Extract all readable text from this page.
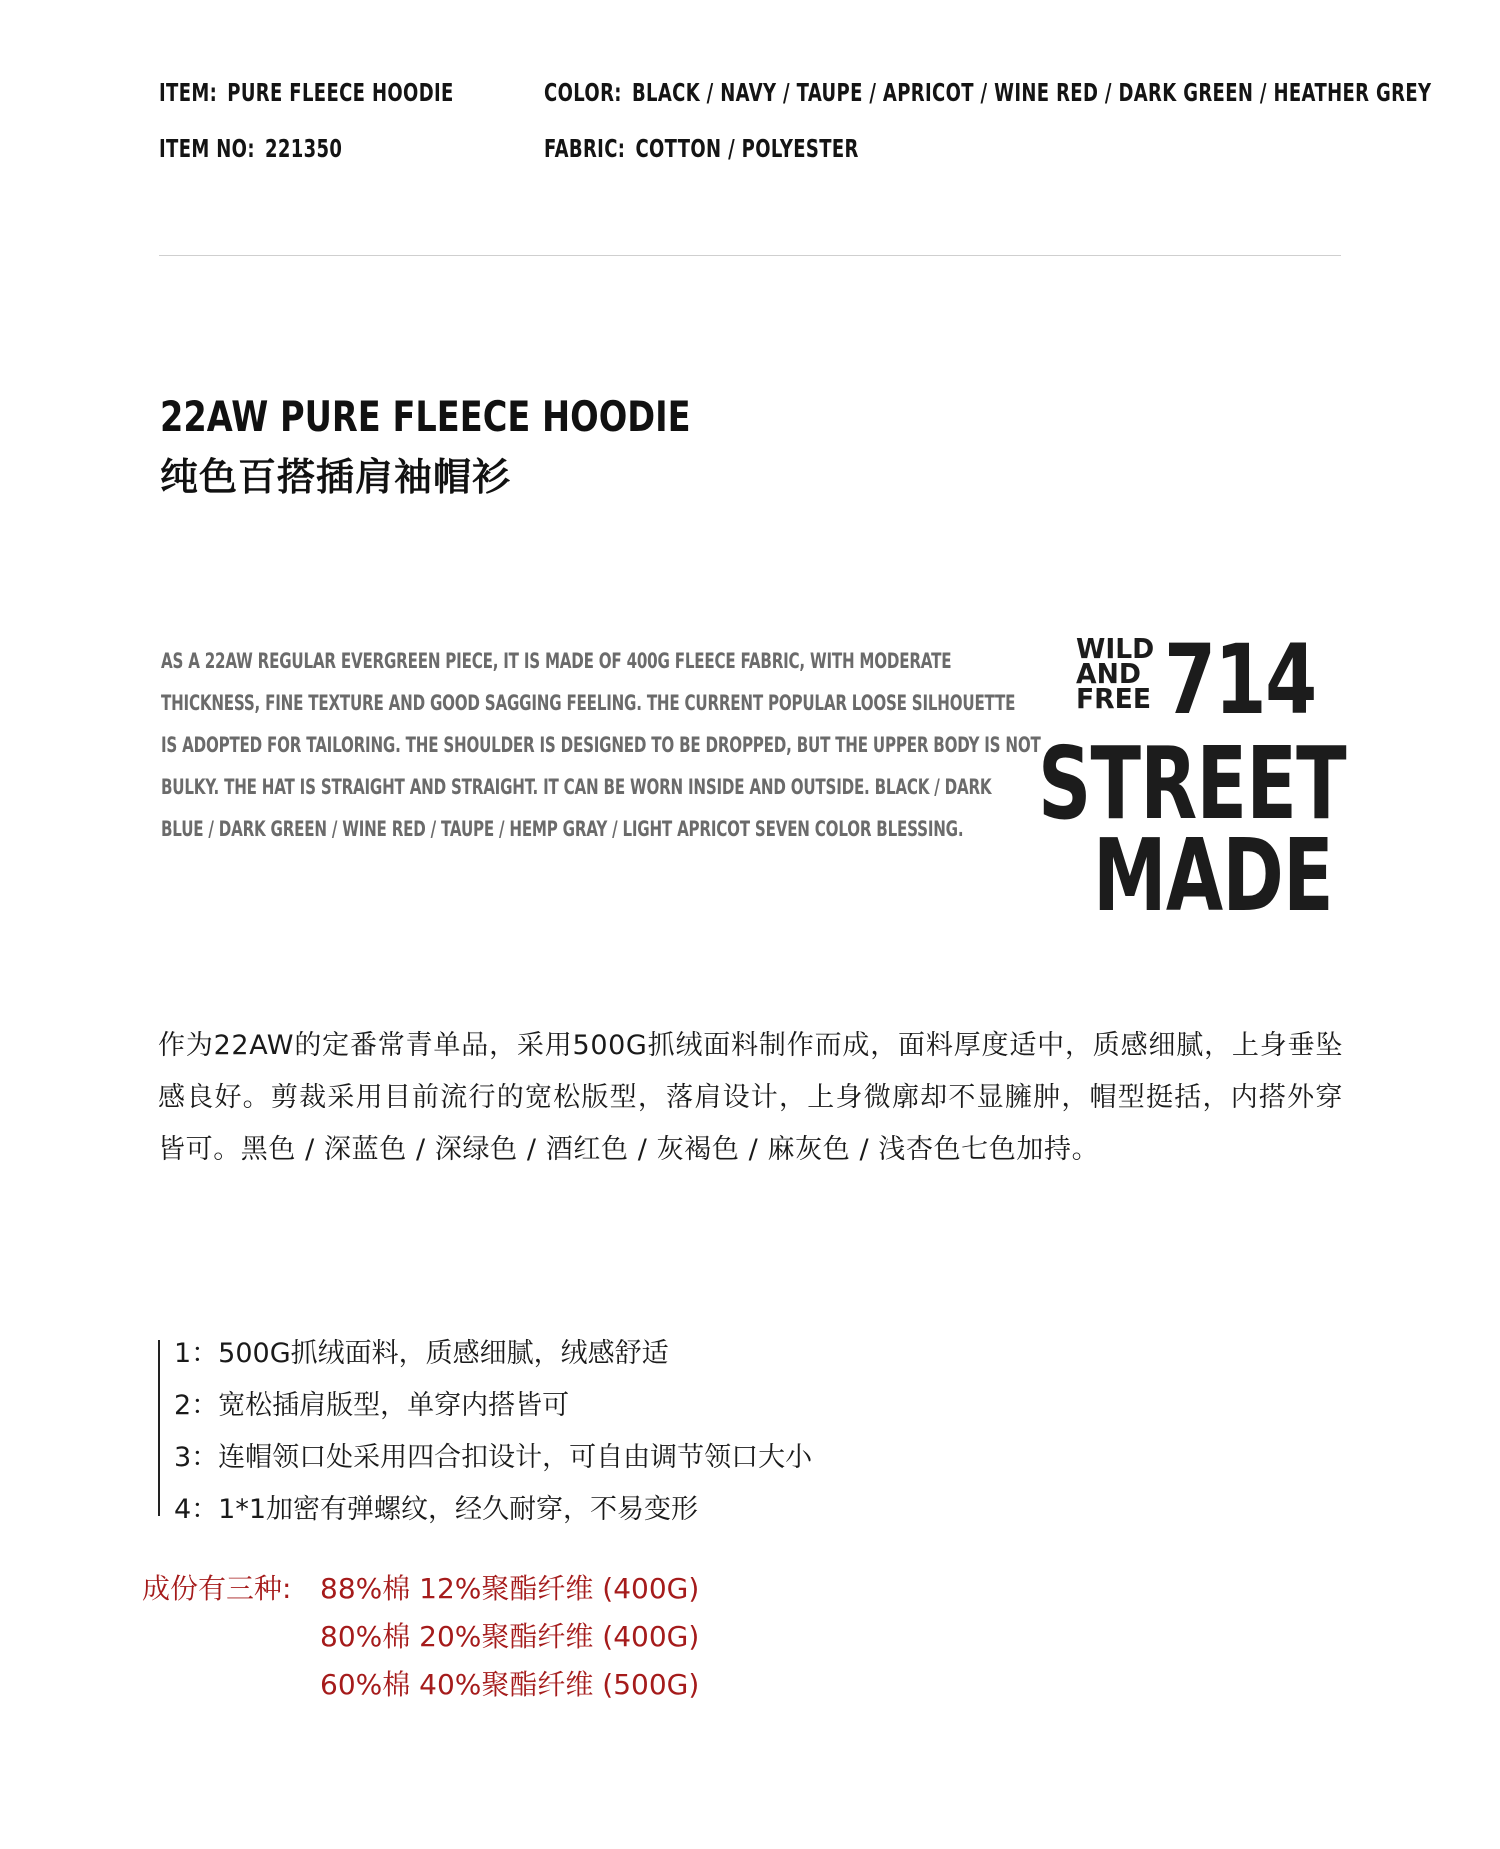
ITEM: PURE FLEECE HOODIE
ITEM NO: 221350
COLOR: BLACK / NAVY / TAUPE / APRICOT / WINE RED / DARK GREEN / HEATHER GREY
FABRIC: COTTON / POLYESTER
22AW PURE FLEECE HOODIE
纯色百搭插肩袖帽衫
AS A 22AW REGULAR EVERGREEN PIECE, IT IS MADE OF 400G FLEECE FABRIC, WITH MODERATE
THICKNESS, FINE TEXTURE AND GOOD SAGGING FEELING. THE CURRENT POPULAR LOOSE SILHOUETTE
IS ADOPTED FOR TAILORING. THE SHOULDER IS DESIGNED TO BE DROPPED, BUT THE UPPER BODY IS NOT
BULKY. THE HAT IS STRAIGHT AND STRAIGHT. IT CAN BE WORN INSIDE AND OUTSIDE. BLACK / DARK
BLUE / DARK GREEN / WINE RED / TAUPE / HEMP GRAY / LIGHT APRICOT SEVEN COLOR BLESSING.
WILD
AND
FREE 714
STREET
MADE
作为22AW的定番常青单品，采用500G抓绒面料制作而成，面料厚度适中，质感细腻，上身垂坠感良好。剪裁采用目前流行的宽松版型，落肩设计，上身微廓却不显臃肿，帽型挺括，内搭外穿皆可。黑色 / 深蓝色 / 深绿色 / 酒红色 / 灰褐色 / 麻灰色 / 浅杏色七色加持。
1：500G抓绒面料，质感细腻，绒感舒适
2：宽松插肩版型，单穿内搭皆可
3：连帽领口处采用四合扣设计，可自由调节领口大小
4：1*1加密有弹螺纹，经久耐穿，不易变形
成份有三种: 88%棉 12%聚酯纤维 (400G)
80%棉 20%聚酯纤维 (400G)
60%棉 40%聚酯纤维 (500G)
